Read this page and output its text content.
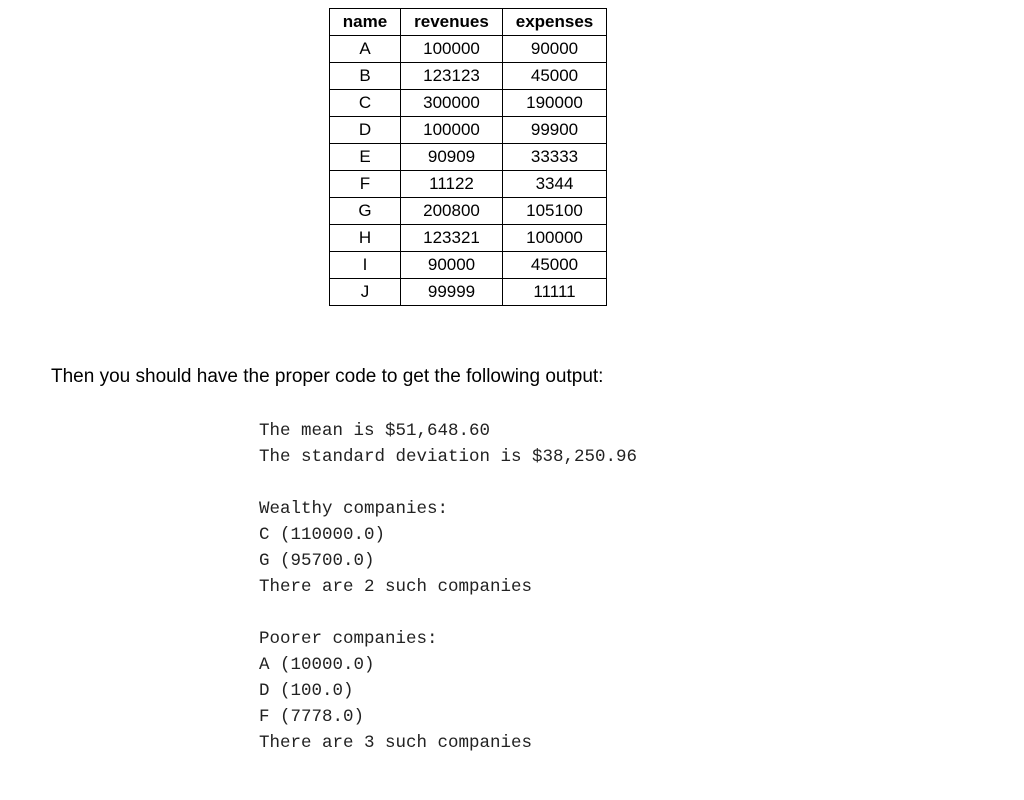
name	revenues	expenses
A	100000	90000
B	123123	45000
C	300000	190000
D	100000	99900
E	90909	33333
F	11122	3344
G	200800	105100
H	123321	100000
I	90000	45000
J	99999	11111

Then you should have the proper code to get the following output:

The mean is $51,648.60
The standard deviation is $38,250.96
Wealthy companies:
C (110000.0)
G (95700.0)
There are 2 such companies
Poorer companies:
A (10000.0)
D (100.0)
F (7778.0)
There are 3 such companies
